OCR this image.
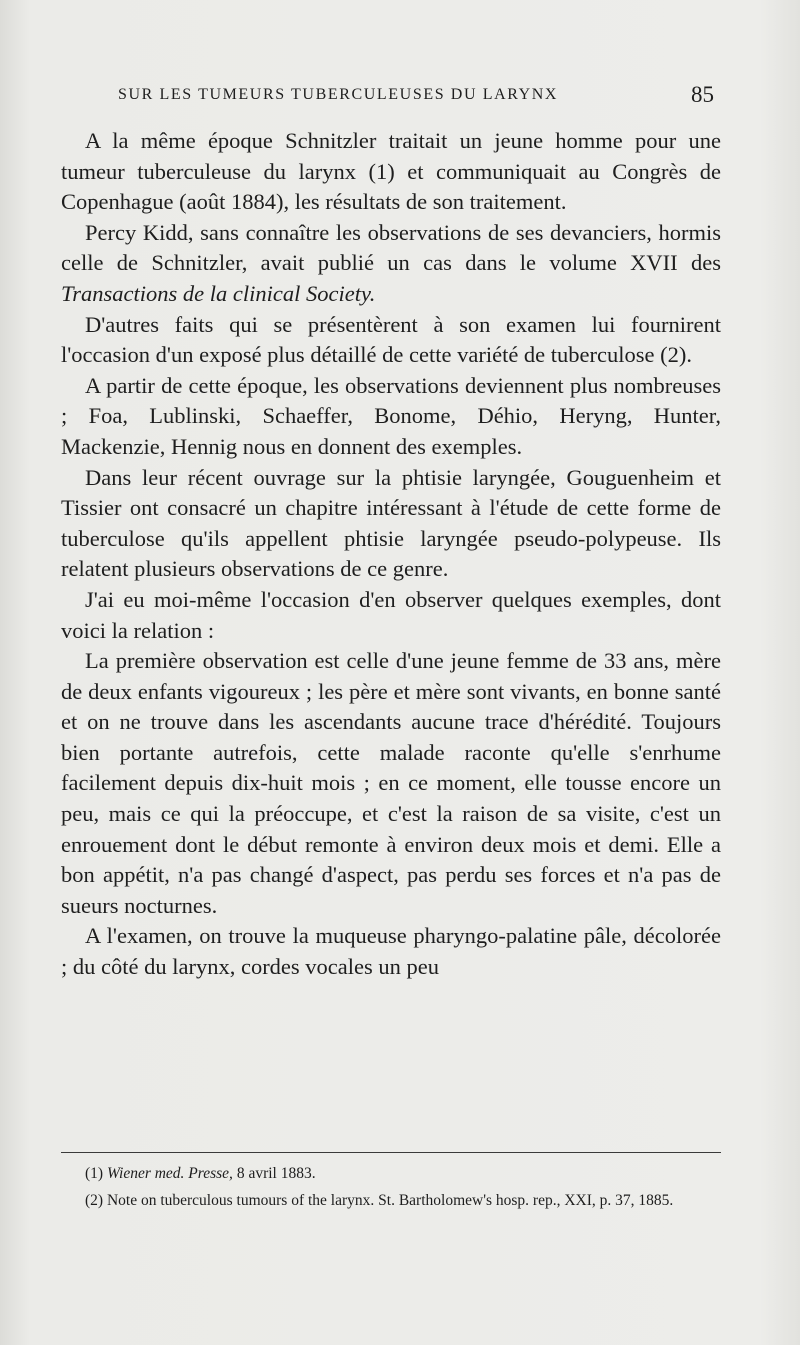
SUR LES TUMEURS TUBERCULEUSES DU LARYNX	85

A la même époque Schnitzler traitait un jeune homme pour une tumeur tuberculeuse du larynx (1) et communiquait au Congrès de Copenhague (août 1884), les résultats de son traitement.

Percy Kidd, sans connaître les observations de ses devanciers, hormis celle de Schnitzler, avait publié un cas dans le volume XVII des Transactions de la clinical Society.

D'autres faits qui se présentèrent à son examen lui fournirent l'occasion d'un exposé plus détaillé de cette variété de tuberculose (2).

A partir de cette époque, les observations deviennent plus nombreuses ; Foa, Lublinski, Schaeffer, Bonome, Déhio, Heryng, Hunter, Mackenzie, Hennig nous en donnent des exemples.

Dans leur récent ouvrage sur la phtisie laryngée, Gouguenheim et Tissier ont consacré un chapitre intéressant à l'étude de cette forme de tuberculose qu'ils appellent phtisie laryngée pseudo-polypeuse. Ils relatent plusieurs observations de ce genre.

J'ai eu moi-même l'occasion d'en observer quelques exemples, dont voici la relation :

La première observation est celle d'une jeune femme de 33 ans, mère de deux enfants vigoureux ; les père et mère sont vivants, en bonne santé et on ne trouve dans les ascendants aucune trace d'hérédité. Toujours bien portante autrefois, cette malade raconte qu'elle s'enrhume facilement depuis dix-huit mois ; en ce moment, elle tousse encore un peu, mais ce qui la préoccupe, et c'est la raison de sa visite, c'est un enrouement dont le début remonte à environ deux mois et demi. Elle a bon appétit, n'a pas changé d'aspect, pas perdu ses forces et n'a pas de sueurs nocturnes.

A l'examen, on trouve la muqueuse pharyngo-palatine pâle, décolorée ; du côté du larynx, cordes vocales un peu

(1) Wiener med. Presse, 8 avril 1883.

(2) Note on tuberculous tumours of the larynx. St. Bartholomew's hosp. rep., XXI, p. 37, 1885.
